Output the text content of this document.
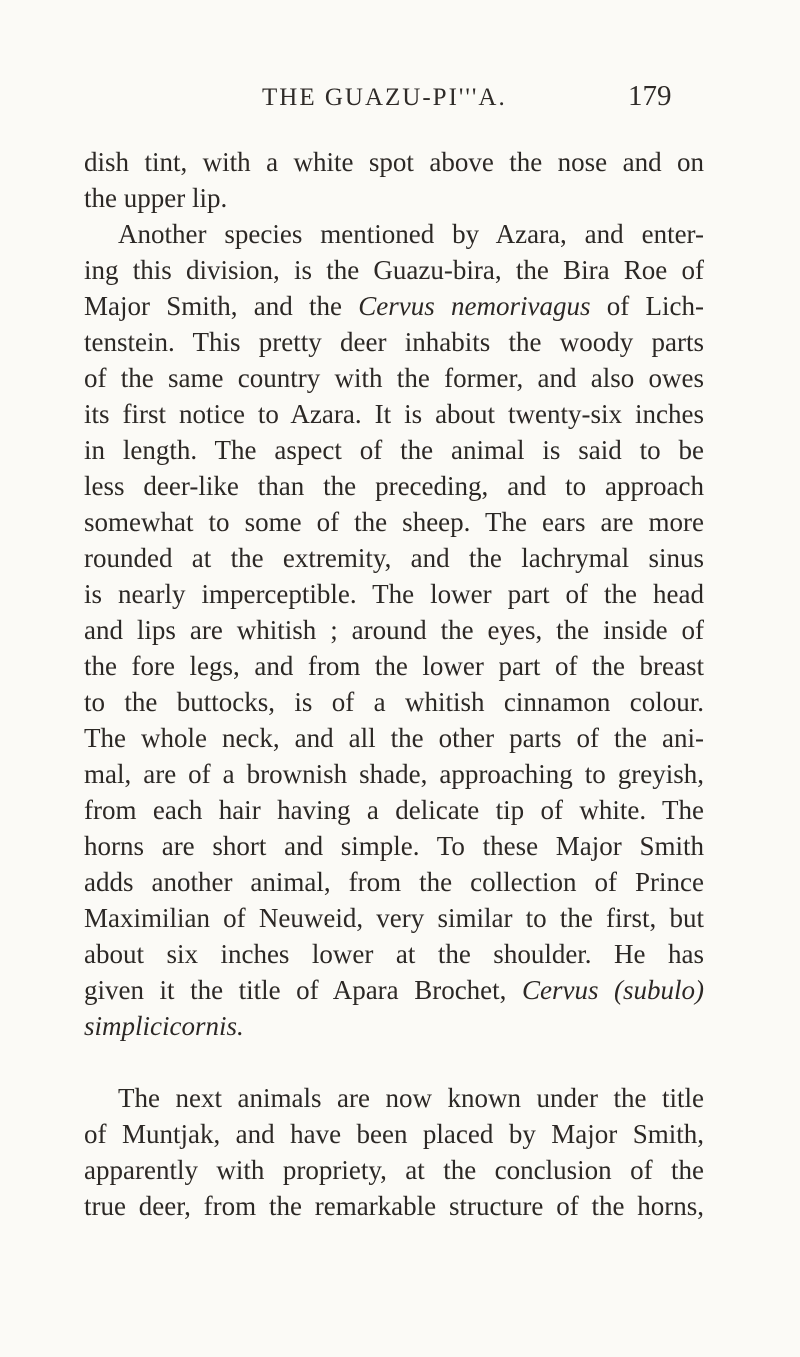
THE GUAZU-PI'''A.	179
dish tint, with a white spot above the nose and on
the upper lip.
Another species mentioned by Azara, and enter-
ing this division, is the Guazu-bira, the Bira Roe of
Major Smith, and the Cervus nemorivagus of Lich-
tenstein. This pretty deer inhabits the woody parts
of the same country with the former, and also owes
its first notice to Azara. It is about twenty-six inches
in length. The aspect of the animal is said to be
less deer-like than the preceding, and to approach
somewhat to some of the sheep. The ears are more
rounded at the extremity, and the lachrymal sinus
is nearly imperceptible. The lower part of the head
and lips are whitish ; around the eyes, the inside of
the fore legs, and from the lower part of the breast
to the buttocks, is of a whitish cinnamon colour.
The whole neck, and all the other parts of the ani-
mal, are of a brownish shade, approaching to greyish,
from each hair having a delicate tip of white. The
horns are short and simple. To these Major Smith
adds another animal, from the collection of Prince
Maximilian of Neuweid, very similar to the first, but
about six inches lower at the shoulder. He has
given it the title of Apara Brochet, Cervus (subulo)
simplicicornis.
The next animals are now known under the title
of Muntjak, and have been placed by Major Smith,
apparently with propriety, at the conclusion of the
true deer, from the remarkable structure of the horns,
